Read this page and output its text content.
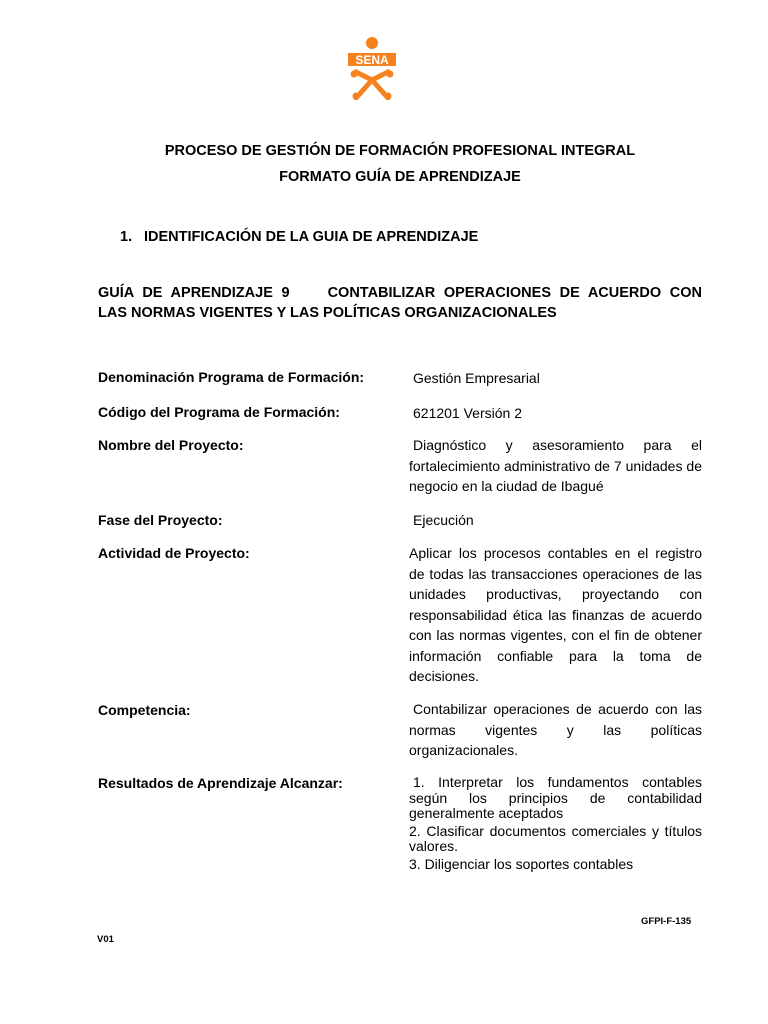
SENA
PROCESO DE GESTIÓN DE FORMACIÓN PROFESIONAL INTEGRAL
FORMATO GUÍA DE APRENDIZAJE
1. IDENTIFICACIÓN DE LA GUIA DE APRENDIZAJE
GUÍA DE APRENDIZAJE 9	CONTABILIZAR OPERACIONES DE ACUERDO CON LAS NORMAS VIGENTES Y LAS POLÍTICAS ORGANIZACIONALES
Denominación Programa de Formación:	Gestión Empresarial
Código del Programa de Formación:	621201 Versión 2
Nombre del Proyecto:	Diagnóstico y asesoramiento para el fortalecimiento administrativo de 7 unidades de negocio en la ciudad de Ibagué
Fase del Proyecto:	Ejecución
Actividad de Proyecto:	Aplicar los procesos contables en el registro de todas las transacciones operaciones de las unidades productivas, proyectando con responsabilidad ética las finanzas de acuerdo con las normas vigentes, con el fin de obtener información confiable para la toma de decisiones.
Competencia:	Contabilizar operaciones de acuerdo con las normas vigentes y las políticas organizacionales.
Resultados de Aprendizaje Alcanzar:	1. Interpretar los fundamentos contables según los principios de contabilidad generalmente aceptados
2. Clasificar documentos comerciales y títulos valores.
3. Diligenciar los soportes contables
GFPI-F-135
V01
